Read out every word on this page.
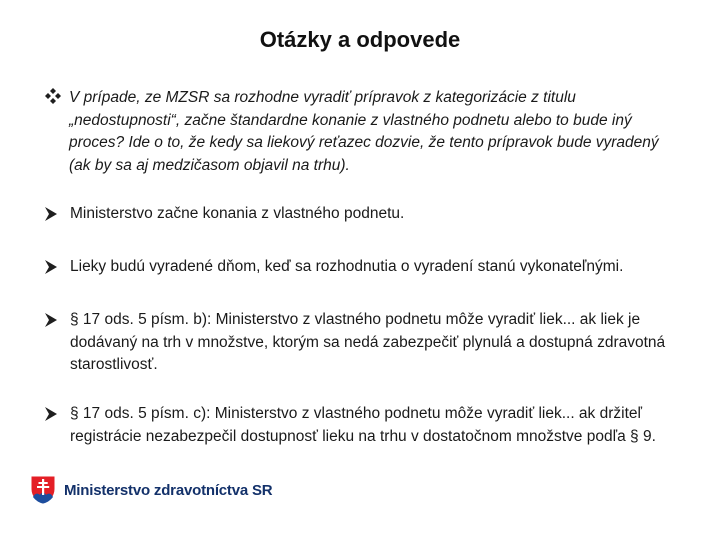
Otázky a odpovede
V prípade, ze MZSR sa rozhodne vyradiť prípravok z kategorizácie z titulu „nedostupnosti“, začne štandardne konanie z vlastného podnetu alebo to bude iný proces? Ide o to, že kedy sa liekový reťazec dozvie, že tento prípravok bude vyradený (ak by sa aj medzičasom objavil na trhu).
Ministerstvo začne konania z vlastného podnetu.
Lieky budú vyradené dňom, keď sa rozhodnutia o vyradení stanú vykonateľnými.
§ 17 ods. 5 písm. b): Ministerstvo z vlastného podnetu môže vyradiť liek... ak liek je dodávaný na trh v množstve, ktorým sa nedá zabezpečiť plynulá a dostupná zdravotná starostlivosť.
§ 17 ods. 5 písm. c): Ministerstvo z vlastného podnetu môže vyradiť liek... ak držiteľ registrácie nezabezpečil dostupnosť lieku na trhu v dostatočnom množstve podľa § 9.
Ministerstvo zdravotníctva SR
